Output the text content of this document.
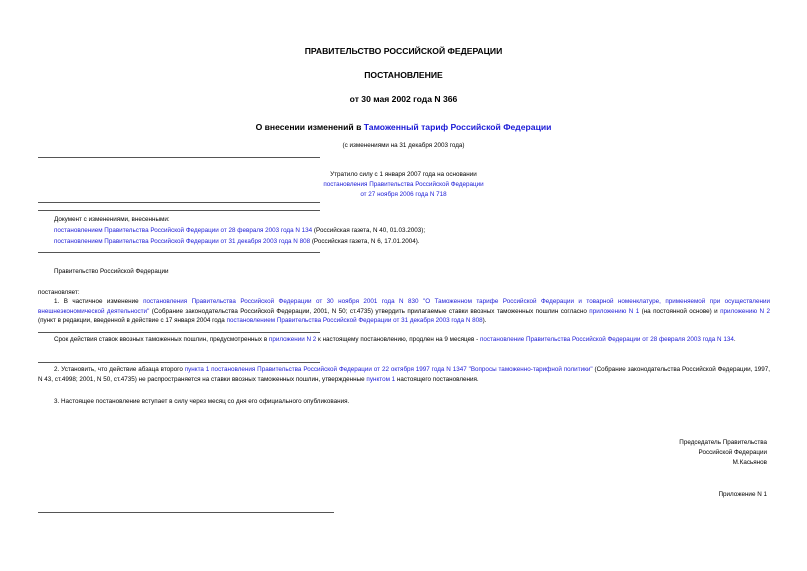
ПРАВИТЕЛЬСТВО РОССИЙСКОЙ ФЕДЕРАЦИИ
ПОСТАНОВЛЕНИЕ
от 30 мая 2002 года N 366
О внесении изменений в Таможенный тариф Российской Федерации
(с изменениями на 31 декабря 2003 года)
Утратило силу с 1 января 2007 года на основании
постановления Правительства Российской Федерации
от 27 ноября 2006 года N 718
Документ с изменениями, внесенными:
постановлением Правительства Российской Федерации от 28 февраля 2003 года N 134 (Российская газета, N 40, 01.03.2003);
постановлением Правительства Российской Федерации от 31 декабря 2003 года N 808 (Российская газета, N 6, 17.01.2004).
Правительство Российской Федерации
постановляет:
1. В частичное изменение постановления Правительства Российской Федерации от 30 ноября 2001 года N 830 "О Таможенном тарифе Российской Федерации и товарной номенклатуре, применяемой при осуществлении внешнеэкономической деятельности" (Собрание законодательства Российской Федерации, 2001, N 50; ст.4735) утвердить прилагаемые ставки ввозных таможенных пошлин согласно приложению N 1 (на постоянной основе) и приложению N 2 (пункт в редакции, введенной в действие с 17 января 2004 года постановлением Правительства Российской Федерации от 31 декабря 2003 года N 808).
Срок действия ставок ввозных таможенных пошлин, предусмотренных в приложении N 2 к настоящему постановлению, продлен на 9 месяцев - постановление Правительства Российской Федерации от 28 февраля 2003 года N 134.
2. Установить, что действие абзаца второго пункта 1 постановления Правительства Российской Федерации от 22 октября 1997 года N 1347 "Вопросы таможенно-тарифной политики" (Собрание законодательства Российской Федерации, 1997, N 43, ст.4998; 2001, N 50, ст.4735) не распространяется на ставки ввозных таможенных пошлин, утвержденные пунктом 1 настоящего постановления.
3. Настоящее постановление вступает в силу через месяц со дня его официального опубликования.
Председатель Правительства
Российской Федерации
М.Касьянов
Приложение N 1
